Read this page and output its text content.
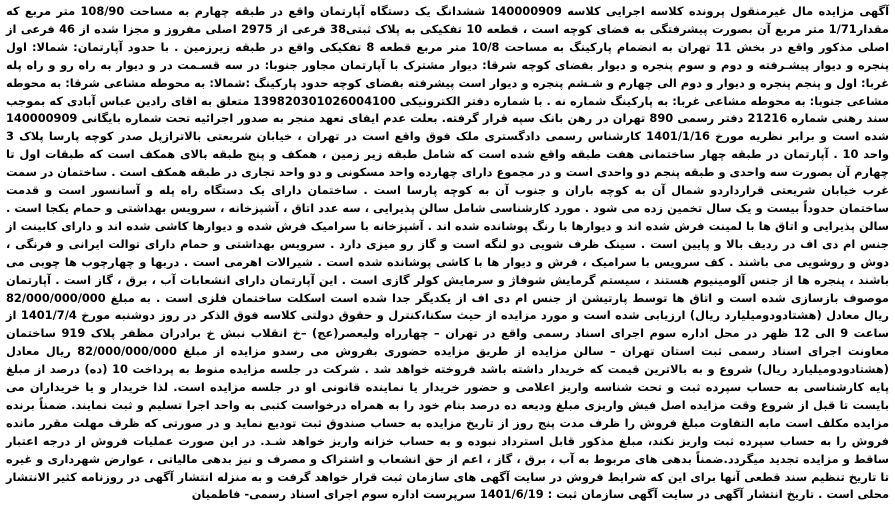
آگهی مزایده مال غیرمنقول پرونده کلاسه اجرایی کلاسه 140000909 ششدانگ یک دستگاه آپارتمان واقع در طبقه چهارم به مساحت 108/90 متر مربع که مقدار1/71 متر مربع آن بصورت پیشرفتگی به فضای کوچه است ، قطعه 10 تفکیکی به پلاک ثبتی38 فرعی از 2975 اصلی مفروز و مجزا شده از 46 فرعی از اصلی مذکور واقع در بخش 11 تهران به انضمام پارکینگ به مساحت 10/8 متر مربع قطعه 8 تفکیکی واقع در طبقه زیرزمین . با حدود آپارتمان: شمالا: اول پنجره و دیوار پیشـرفته و دوم و سوم پنجره و دیوار بفضای کوچه شرقا: دیوار مشترک با آپارتمان مجاور جنوبا: در سه قسـمت در و دیوار به راه رو و راه پله غربا: اول و پنجم پنجره و دیوار و دوم الی چهارم و شـشم پنجره و دیوار است پیشرفته بفضای کوچه حدود پارکینگ :شمالا: به محوطه مشاعی شرقا: به محوطه مشاعی جنوبا: به محوطه مشاعی غربا: به پارکینگ شماره نه . با شماره دفتر الکترونیکی 139820301026004100 متعلق به اقای رادین عباس آبادی که بموجب سند رهنی شماره 21216 دفتر رسمی 890 تهران در رهن بانک سپه قرار گرفته. بعلت عدم ایفای تعهد منجر به صدور اجرائیه تحت شماره بایگانی 140000909 شده است و برابر نظریه مورخ 1401/1/16 کارشناس رسمی دادگستری ملک فوق واقع است در تهران ، خیابان شریعتی بالاترازپل صدر کوچه پارسا پلاک 3 واحد 10 . آپارتمان در طبقه چهار ساختمانی هفت طبقه واقع شده است که شامل طبقه زیر زمین ، همکف و پنج طبقه بالای همکف است که طبقات اول تا چهارم آن بصورت سه واحدی و طبقه پنجم دو واحدی است و در مجموع دارای چهارده واحد مسکونی و دو واحد تجاری در طبقه همکف است . ساختمان در سمت غرب خیابان شریعتی قرارداردو شمال آن به کوچه باران و جنوب آن به کوچه پارسا است . ساختمان دارای یک دستگاه راه پله و آسانسور است و قدمت ساختمان حدوداً بیست و یک سال تخمین زده می شود . مورد کارشناسی شامل سالن پذیرایی ، سه عدد اتاق ، آشپزخانه ، سرویس بهداشتی و حمام یکجا است . سالن پذیرایی و اتاق ها با لمینت فرش شده اند و دیوارها با رنگ پوشانده شده اند . آشپزخانه با سرامیک فرش شده و دیوارها کاشی شده اند و دارای کابینت از جنس ام دی اف در ردیف بالا و پایین است . سینک ظرف شویی دو لنگه است و گاز رو میزی دارد . سرویس بهداشتی و حمام دارای توالت ایرانی و فرنگی ، دوش و روشویی می باشند . کف سرویس با سرامیک ، فرش و دیوار ها با کاشی پوشانده شده است . شیرالات اهرمی است . دربها و چهارچوب ها چوبی می باشند ، پنجره ها از جنس آلومینیوم هستند ، سیستم گرمایش شوفاژ و سرمایش کولر گازی است . این آپارتمان دارای انشعابات آب ، برق ، گاز است . آپارتمان موصوف بازسازی شده است و اتاق ها توسط پارتیشن از جنس ام دی اف از یکدیگر جدا شده است اسکلت ساختمان فلزی است . به مبلغ 82/000/000/000 ریال معادل (هشتادودومیلیارد ریال) ارزیابی شده است و مورد مزایده از حیث سکنا،کنترل و حقوق دولتی کلاسه فوق الذکر در روز دوشنبه مورخ 1401/7/4 از ساعت 9 الی 12 ظهر در محل اداره سوم اجرای اسناد رسمی واقع در تهران – چهارراه ولیعصر(عج) –خ انقلاب نبش خ برادران مظفر پلاک 919 ساختمان معاونت اجرای اسناد رسمی ثبت استان تهران – سالن مزایده از طریق مزایده حضوری بفروش می رسدو مزایده از مبلغ 82/000/000/000 ریال معادل (هشتادودومیلیارد ریال) شروع و به بالاترین قیمت که خریدار داشته باشد فروخته خواهد شد . شرکت در جلسه مزایده منوط به پرداخت 10 (ده) درصد از مبلغ پایه کارشناسی به حساب سپرده ثبت و تحت شناسه واریز اعلامی و حضور خریدار یا نماینده قانونی او در جلسه مزایده است. لذا خریدار و یا خریداران می بایست تا قبل از شروع وقت مزایده اصل فیش واریزی مبلغ ودیعه ده درصد بنام خود را به همراه درخواست کتبی به واحد اجرا تسلیم و ثبت نمایند. ضمناً برنده مزایده مکلف است مابه التفاوت مبلغ فروش را ظرف مدت پنج روز از تاریخ مزایده به حساب صندوق ثبت تودیع نماید و در صورتی که ظرف مهلت مقرر مانده فروش را به حساب سپرده ثبت واریز نکند، مبلغ مذکور قابل استرداد نبوده و به حساب خزانه واریز خواهد شـد. در این صورت عملیات فروش از درجه اعتبار ساقط و مزایده تجدید میگردد.ضمناً بدهی های مربوط به آب ، برق ، گاز ، اعم از حق انشعاب و اشتراک و مصرف و نیز بدهی مالیاتی ، عوارض شهرداری و غیره تا تاریخ تنظیم سند قطعی آنها برای این که شرایط فروش در سایت آگهی های سازمان ثبت قرار خواهد گرفت و به منزله انتشار آگهی در روزنامه کثیر الانتشار محلی است . تاریخ انتشار آگهی در سایت آگهی سازمان ثبت : 1401/6/19 سرپرست اداره سوم اجرای اسناد رسمی- فاطمیان
